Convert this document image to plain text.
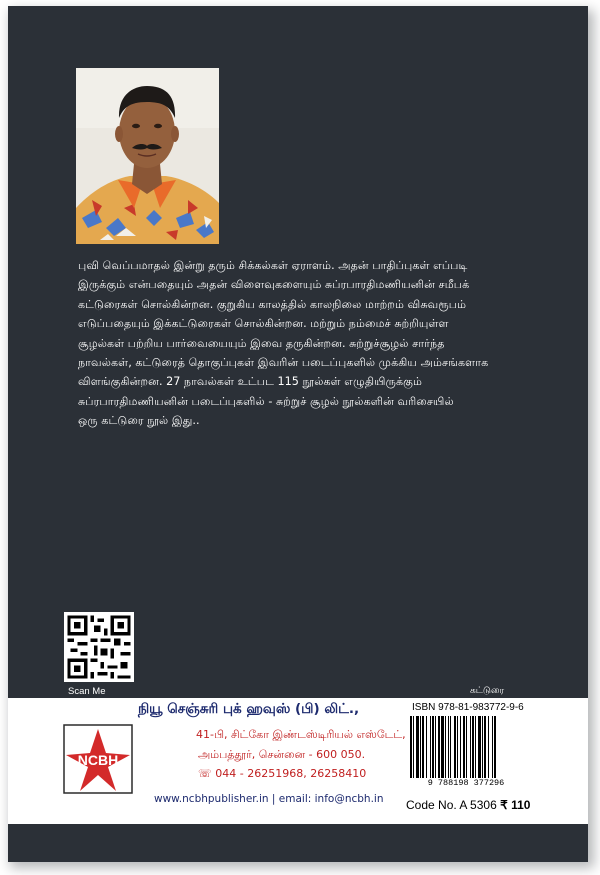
புவி வெப்பமாதல் இன்று தரும் சிக்கல்கள் ஏராளம். அதன் பாதிப்புகள் எப்படி

இருக்கும் என்பதையும் அதன் விளைவுகளையும் சுப்ரபாரதிமணியனின் சமீபக்

கட்டுரைகள் சொல்கின்றன. குறுகிய காலத்தில் காலநிலை மாற்றம் விசுவரூபம்

எடுப்பதையும் இக்கட்டுரைகள் சொல்கின்றன. மற்றும் நம்மைச் சுற்றியுள்ள

சூழல்கள் பற்றிய பார்வையையும் இவை தருகின்றன. சுற்றுச்சூழல் சார்ந்த

நாவல்கள், கட்டுரைத் தொகுப்புகள் இவரின் படைப்புகளில் முக்கிய அம்சங்களாக

விளங்குகின்றன. 27 நாவல்கள் உட்பட 115 நூல்கள் எழுதியிருக்கும்

சுப்ரபாரதிமணியனின் படைப்புகளில் - சுற்றுச் சூழல் நூல்களின் வரிசையில்

ஒரு கட்டுரை நூல் இது..

Scan Me	கட்டுரை
NCBH
நியூ செஞ்சுரி புக் ஹவுஸ் (பி) லிட்.,
41-பி, சிட்கோ இண்டஸ்டிரியல் எஸ்டேட்,
அம்பத்தூர், சென்னை - 600 050.
☏ 044 - 26251968, 26258410
www.ncbhpublisher.in | email: info@ncbh.in
ISBN 978-81-983772-9-6
9 788198 377296
Code No. A 5306 ₹ 110
